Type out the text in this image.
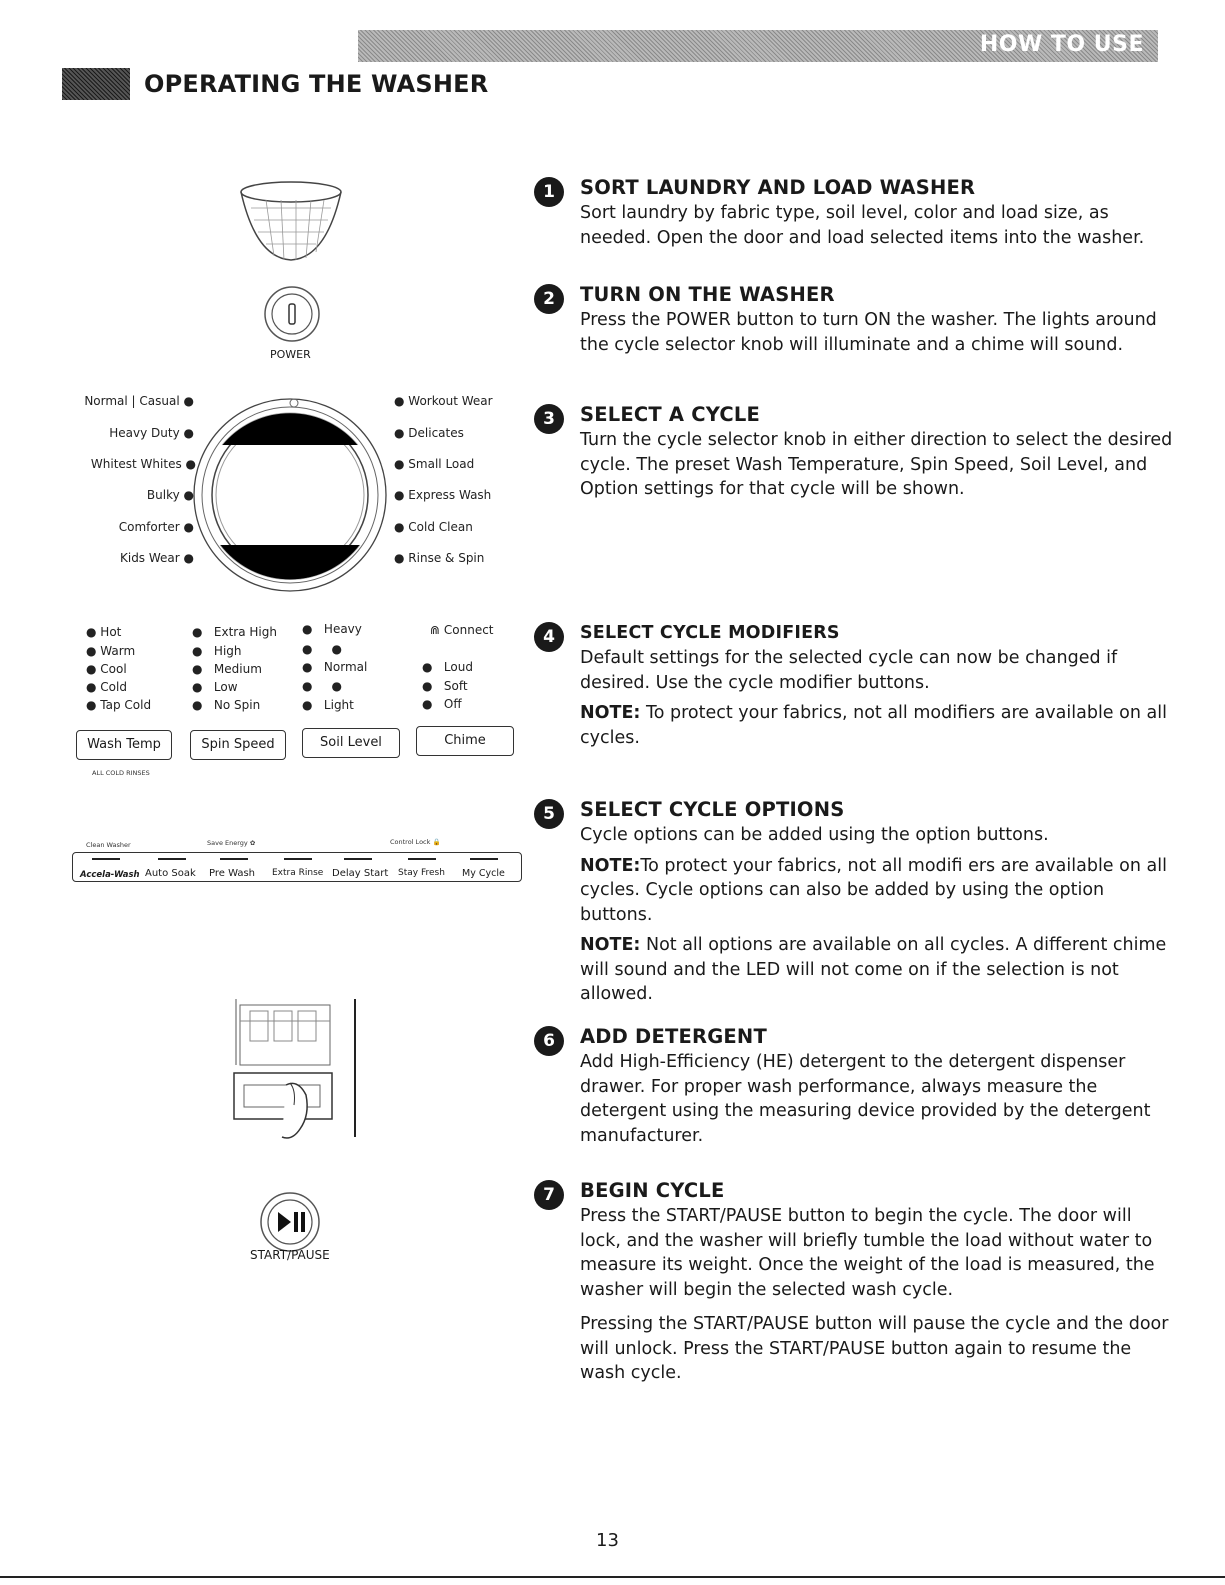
HOW TO USE
OPERATING THE WASHER
POWER
Normal | Casual ●
Heavy Duty ●
Whitest Whites ●
Bulky ●
Comforter ●
Kids Wear ●
● Workout Wear
● Delicates
● Small Load
● Express Wash
● Cold Clean
● Rinse & Spin
● Hot
● Warm
● Cool
● Cold
● Tap Cold
●   Extra High
●   High
●   Medium
●   Low
●   No Spin
●   Heavy
●     ●
●   Normal
●     ●
●   Light
⋒ Connect
●   Loud
●   Soft
●   Off
Wash Temp	Spin Speed	Soil Level	Chime
ALL COLD RINSES
Clean Washer	Save Energy ✿	Control Lock 🔒
Accela-Wash Auto Soak Pre Wash Extra Rinse Delay Start Stay Fresh My Cycle
START/PAUSE
1	SORT LAUNDRY AND LOAD WASHER

Sort laundry by fabric type, soil level, color and load size, as needed. Open the door and load selected items into the washer.

2	TURN ON THE WASHER

Press the POWER button to turn ON the washer. The lights around the cycle selector knob will illuminate and a chime will sound.

3	SELECT A CYCLE

Turn the cycle selector knob in either direction to select the desired cycle. The preset Wash Temperature, Spin Speed, Soil Level, and Option settings for that cycle will be shown.

4	SELECT CYCLE MODIFIERS

Default settings for the selected cycle can now be changed if desired. Use the cycle modifier buttons.

NOTE: To protect your fabrics, not all modifiers are available on all cycles.

5	SELECT CYCLE OPTIONS

Cycle options can be added using the option buttons.

NOTE:To protect your fabrics, not all modifi ers are available on all cycles. Cycle options can also be added by using the option buttons.

NOTE: Not all options are available on all cycles. A different chime will sound and the LED will not come on if the selection is not allowed.

6	ADD DETERGENT

Add High-Efficiency (HE) detergent to the detergent dispenser drawer. For proper wash performance, always measure the detergent using the measuring device provided by the detergent manufacturer.

7	BEGIN CYCLE

Press the START/PAUSE button to begin the cycle. The door will lock, and the washer will briefly tumble the load without water to measure its weight. Once the weight of the load is measured, the washer will begin the selected wash cycle.

Pressing the START/PAUSE button will pause the cycle and the door will unlock. Press the START/PAUSE button again to resume the wash cycle.

13
